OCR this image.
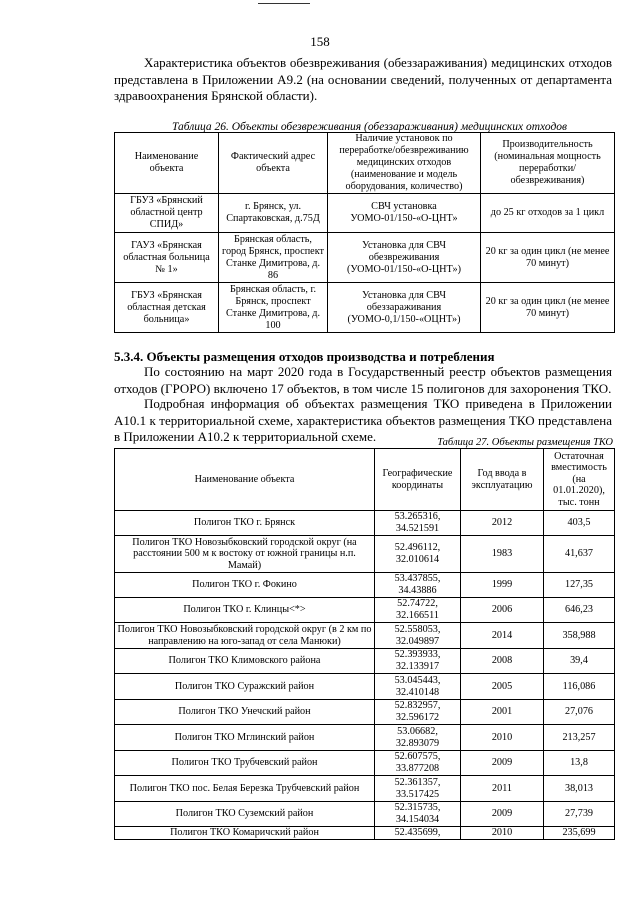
158
Характеристика объектов обезвреживания (обеззараживания) медицинских отходов представлена в Приложении А9.2 (на основании сведений, полученных от департамента здравоохранения Брянской области).
Таблица 26. Объекты обезвреживания (обеззараживания) медицинских отходов
Наименование объекта	Фактический адрес объекта	Наличие установок по переработке/обезвреживанию медицинских отходов (наименование и модель оборудования, количество)	Производительность (номинальная мощность переработки/обезвреживания)
ГБУЗ «Брянский областной центр СПИД»	г. Брянск, ул. Спартаковская, д.75Д	СВЧ установка УОМО-01/150-«О-ЦНТ»	до 25 кг отходов за 1 цикл
ГАУЗ «Брянская областная больница № 1»	Брянская область, город Брянск, проспект Станке Димитрова, д. 86	Установка для СВЧ обезвреживания (УОМО-01/150-«О-ЦНТ»)	20 кг за один цикл (не менее 70 минут)
ГБУЗ «Брянская областная детская больница»	Брянская область, г. Брянск, проспект Станке Димитрова, д. 100	Установка для СВЧ обеззараживания (УОМО-0,1/150-«ОЦНТ»)	20 кг за один цикл (не менее 70 минут)
5.3.4. Объекты размещения отходов производства и потребления
По состоянию на март 2020 года в Государственный реестр объектов размещения отходов (ГРОРО) включено 17 объектов, в том числе 15 полигонов для захоронения ТКО.
Подробная информация об объектах размещения ТКО приведена в Приложении А10.1 к территориальной схеме, характеристика объектов размещения ТКО представлена в Приложении А10.2 к территориальной схеме.	Таблица 27. Объекты размещения ТКО
Наименование объекта	Географические координаты	Год ввода в эксплуатацию	Остаточная вместимость (на 01.01.2020), тыс. тонн
Полигон ТКО г. Брянск	53.265316, 34.521591	2012	403,5
Полигон ТКО Новозыбковский городской округ (на расстоянии 500 м к востоку от южной границы н.п. Мамай)	52.496112, 32.010614	1983	41,637
Полигон ТКО г. Фокино	53.437855, 34.43886	1999	127,35
Полигон ТКО г. Клинцы<*>	52.74722, 32.166511	2006	646,23
Полигон ТКО Новозыбковский городской округ (в 2 км по направлению на юго-запад от села Манюки)	52.558053, 32.049897	2014	358,988
Полигон ТКО Климовского района	52.393933, 32.133917	2008	39,4
Полигон ТКО Суражский район	53.045443, 32.410148	2005	116,086
Полигон ТКО Унечский район	52.832957, 32.596172	2001	27,076
Полигон ТКО Мглинский район	53.06682, 32.893079	2010	213,257
Полигон ТКО Трубчевский район	52.607575, 33.877208	2009	13,8
Полигон ТКО пос. Белая Березка Трубчевский район	52.361357, 33.517425	2011	38,013
Полигон ТКО Суземский район	52.315735, 34.154034	2009	27,739
Полигон ТКО Комаричский район	52.435699,	2010	235,699
